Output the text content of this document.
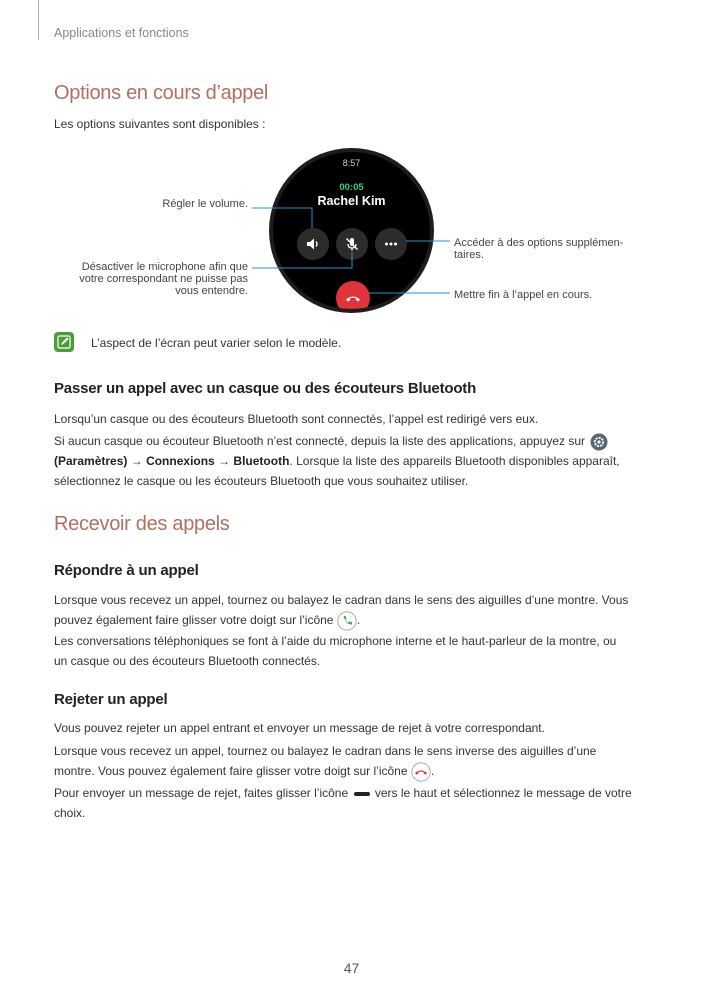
Applications et fonctions
Options en cours d’appel
Les options suivantes sont disponibles :
8:57
00:05
Rachel Kim
Régler le volume.
Désactiver le microphone afin que
votre correspondant ne puisse pas
vous entendre.
Accéder à des options supplémen-
taires.
Mettre fin à l’appel en cours.
L’aspect de l’écran peut varier selon le modèle.
Passer un appel avec un casque ou des écouteurs Bluetooth
Lorsqu’un casque ou des écouteurs Bluetooth sont connectés, l’appel est redirigé vers eux.
Si aucun casque ou écouteur Bluetooth n’est connecté, depuis la liste des applications, appuyez sur
(Paramètres) → Connexions → Bluetooth. Lorsque la liste des appareils Bluetooth disponibles apparaît,
sélectionnez le casque ou les écouteurs Bluetooth que vous souhaitez utiliser.
Recevoir des appels
Répondre à un appel
Lorsque vous recevez un appel, tournez ou balayez le cadran dans le sens des aiguilles d’une montre. Vous
pouvez également faire glisser votre doigt sur l’icône .
Les conversations téléphoniques se font à l’aide du microphone interne et le haut-parleur de la montre, ou
un casque ou des écouteurs Bluetooth connectés.
Rejeter un appel
Vous pouvez rejeter un appel entrant et envoyer un message de rejet à votre correspondant.
Lorsque vous recevez un appel, tournez ou balayez le cadran dans le sens inverse des aiguilles d’une
montre. Vous pouvez également faire glisser votre doigt sur l’icône .
Pour envoyer un message de rejet, faites glisser l’icône vers le haut et sélectionnez le message de votre
choix.
47
